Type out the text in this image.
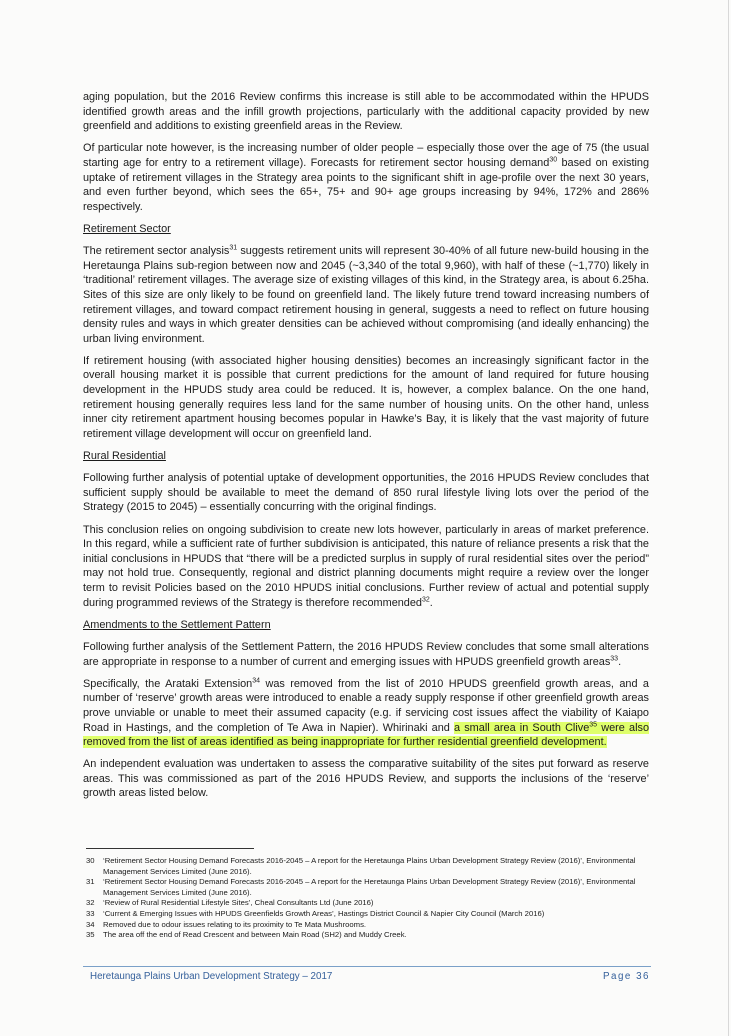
aging population, but the 2016 Review confirms this increase is still able to be accommodated within the HPUDS identified growth areas and the infill growth projections, particularly with the additional capacity provided by new greenfield and additions to existing greenfield areas in the Review.

Of particular note however, is the increasing number of older people – especially those over the age of 75 (the usual starting age for entry to a retirement village). Forecasts for retirement sector housing demand$^{30}$ based on existing uptake of retirement villages in the Strategy area points to the significant shift in age-profile over the next 30 years, and even further beyond, which sees the 65+, 75+ and 90+ age groups increasing by 94%, 172% and 286% respectively.

Retirement Sector

The retirement sector analysis$^{31}$ suggests retirement units will represent 30-40% of all future new-build housing in the Heretaunga Plains sub-region between now and 2045 (~3,340 of the total 9,960), with half of these (~1,770) likely in ‘traditional’ retirement villages. The average size of existing villages of this kind, in the Strategy area, is about 6.25ha. Sites of this size are only likely to be found on greenfield land. The likely future trend toward increasing numbers of retirement villages, and toward compact retirement housing in general, suggests a need to reflect on future housing density rules and ways in which greater densities can be achieved without compromising (and ideally enhancing) the urban living environment.

If retirement housing (with associated higher housing densities) becomes an increasingly significant factor in the overall housing market it is possible that current predictions for the amount of land required for future housing development in the HPUDS study area could be reduced. It is, however, a complex balance. On the one hand, retirement housing generally requires less land for the same number of housing units. On the other hand, unless inner city retirement apartment housing becomes popular in Hawke’s Bay, it is likely that the vast majority of future retirement village development will occur on greenfield land.

Rural Residential

Following further analysis of potential uptake of development opportunities, the 2016 HPUDS Review concludes that sufficient supply should be available to meet the demand of 850 rural lifestyle living lots over the period of the Strategy (2015 to 2045) – essentially concurring with the original findings.

This conclusion relies on ongoing subdivision to create new lots however, particularly in areas of market preference. In this regard, while a sufficient rate of further subdivision is anticipated, this nature of reliance presents a risk that the initial conclusions in HPUDS that “there will be a predicted surplus in supply of rural residential sites over the period” may not hold true. Consequently, regional and district planning documents might require a review over the longer term to revisit Policies based on the 2010 HPUDS initial conclusions. Further review of actual and potential supply during programmed reviews of the Strategy is therefore recommended$^{32}$.

Amendments to the Settlement Pattern

Following further analysis of the Settlement Pattern, the 2016 HPUDS Review concludes that some small alterations are appropriate in response to a number of current and emerging issues with HPUDS greenfield growth areas$^{33}$.

Specifically, the Arataki Extension$^{34}$ was removed from the list of 2010 HPUDS greenfield growth areas, and a number of ‘reserve’ growth areas were introduced to enable a ready supply response if other greenfield growth areas prove unviable or unable to meet their assumed capacity (e.g. if servicing cost issues affect the viability of Kaiapo Road in Hastings, and the completion of Te Awa in Napier). Whirinaki and a small area in South Clive$^{35}$ were also removed from the list of areas identified as being inappropriate for further residential greenfield development.

An independent evaluation was undertaken to assess the comparative suitability of the sites put forward as reserve areas. This was commissioned as part of the 2016 HPUDS Review, and supports the inclusions of the ‘reserve’ growth areas listed below.

30	‘Retirement Sector Housing Demand Forecasts 2016-2045 – A report for the Heretaunga Plains Urban Development Strategy Review (2016)’, Environmental Management Services Limited (June 2016).
31	‘Retirement Sector Housing Demand Forecasts 2016-2045 – A report for the Heretaunga Plains Urban Development Strategy Review (2016)’, Environmental Management Services Limited (June 2016).
32	‘Review of Rural Residential Lifestyle Sites’, Cheal Consultants Ltd (June 2016)
33	‘Current & Emerging Issues with HPUDS Greenfields Growth Areas’, Hastings District Council & Napier City Council (March 2016)
34	Removed due to odour issues relating to its proximity to Te Mata Mushrooms.
35	The area off the end of Read Crescent and between Main Road (SH2) and Muddy Creek.
Heretaunga Plains Urban Development Strategy – 2017	Page 36
